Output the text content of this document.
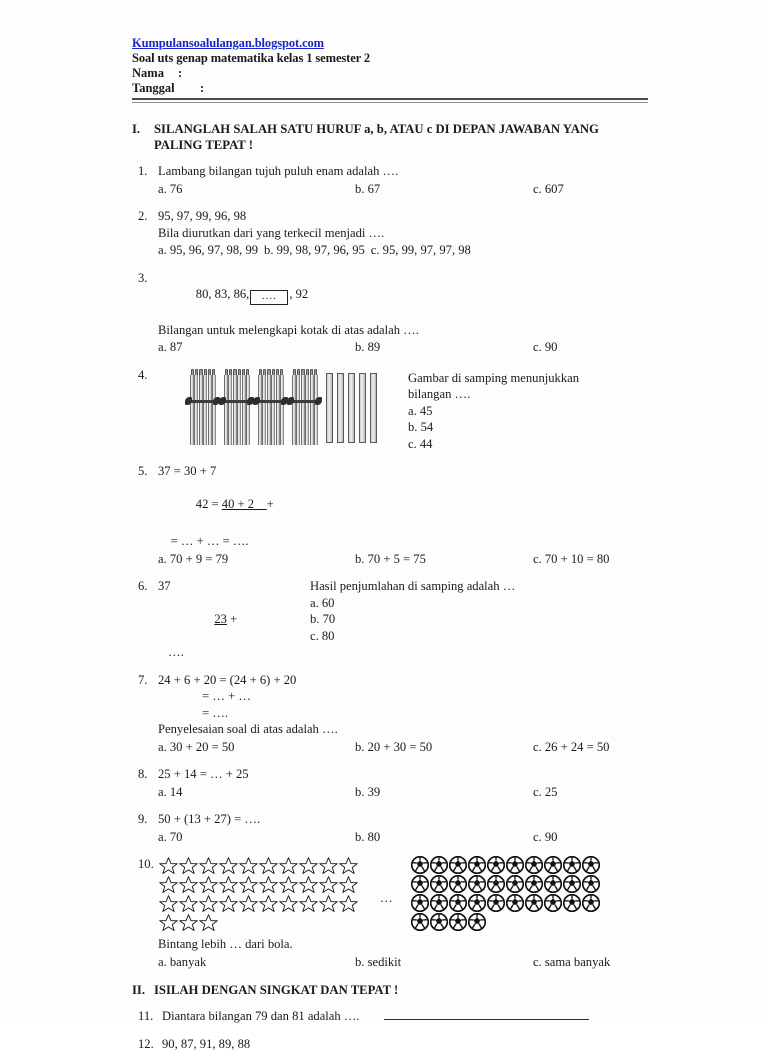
Kumpulansoalulangan.blogspot.com
Soal uts genap matematika kelas 1 semester 2
Nama	:
Tanggal	:
I.	SILANGLAH SALAH SATU HURUF a, b, ATAU c DI DEPAN JAWABAN YANG PALING TEPAT !
1. Lambang bilangan tujuh puluh enam adalah ….
a. 76	b. 67	c. 607
2. 95, 97, 99, 96, 98
Bila diurutkan dari yang terkecil menjadi ….
a. 95, 96, 97, 98, 99 b. 99, 98, 97, 96, 95 c. 95, 99, 97, 97, 98
3.

80, 83, 86, .... , 92

Bilangan untuk melengkapi kotak di atas adalah ….
a. 87	b. 89	c. 90
4.	Gambar di samping menunjukkan
bilangan ….
a. 45
b. 54
c. 44
5. 37 = 30 + 7

42 = 40 + 2    +

= … + … = ….
a. 70 + 9 = 79	b. 70 + 5 = 75	c. 70 + 10 = 80
6. 37

23 +

….
Hasil penjumlahan di samping adalah …
a. 60
b. 70
c. 80
7. 24 + 6 + 20 = (24 + 6) + 20
= … + …
= ….
Penyelesaian soal di atas adalah ….
a. 30 + 20 = 50	b. 20 + 30 = 50	c. 26 + 24 = 50
8. 25 + 14 = … + 25
a. 14	b. 39	c. 25
9. 50 + (13 + 27) = ….
a. 70	b. 80	c. 90
10.
…
Bintang lebih … dari bola.
a. banyak	b. sedikit	c. sama banyak
II. ISILAH DENGAN SINGKAT DAN TEPAT !
11. Diantara bilangan 79 dan 81 adalah ….
12. 90, 87, 91, 89, 88
